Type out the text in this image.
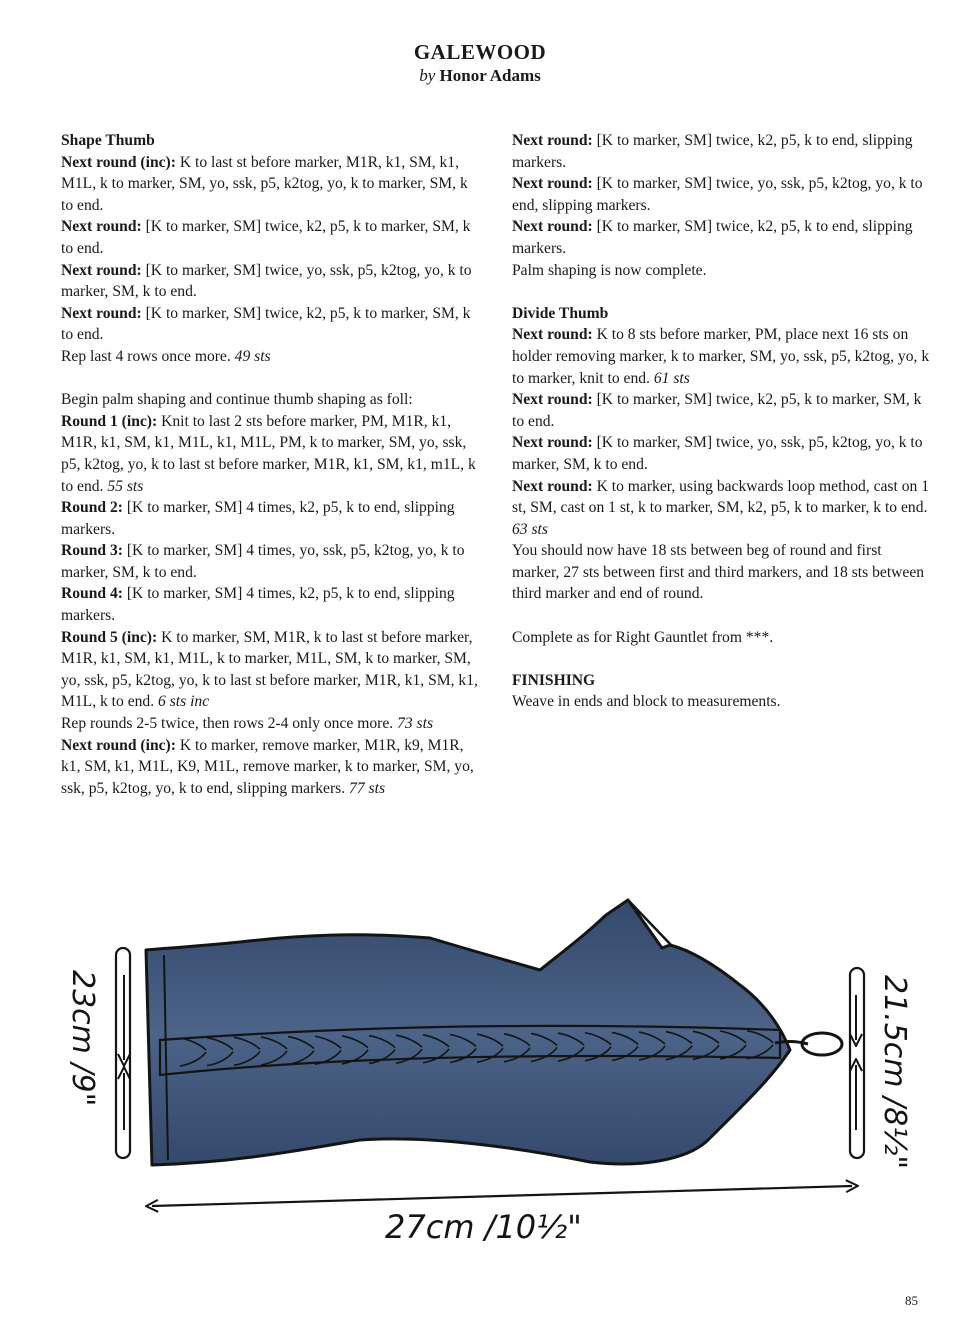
GALEWOOD
by Honor Adams
Shape Thumb
Next round (inc): K to last st before marker, M1R, k1, SM, k1, M1L, k to marker, SM, yo, ssk, p5, k2tog, yo, k to marker, SM, k to end.
Next round: [K to marker, SM] twice, k2, p5, k to marker, SM, k to end.
Next round: [K to marker, SM] twice, yo, ssk, p5, k2tog, yo, k to marker, SM, k to end.
Next round: [K to marker, SM] twice, k2, p5, k to marker, SM, k to end.
Rep last 4 rows once more. 49 sts
Begin palm shaping and continue thumb shaping as foll:
Round 1 (inc): Knit to last 2 sts before marker, PM, M1R, k1, M1R, k1, SM, k1, M1L, k1, M1L, PM, k to marker, SM, yo, ssk, p5, k2tog, yo, k to last st before marker, M1R, k1, SM, k1, m1L, k to end. 55 sts
Round 2: [K to marker, SM] 4 times, k2, p5, k to end, slipping markers.
Round 3: [K to marker, SM] 4 times, yo, ssk, p5, k2tog, yo, k to marker, SM, k to end.
Round 4: [K to marker, SM] 4 times, k2, p5, k to end, slipping markers.
Round 5 (inc): K to marker, SM, M1R, k to last st before marker, M1R, k1, SM, k1, M1L, k to marker, M1L, SM, k to marker, SM, yo, ssk, p5, k2tog, yo, k to last st before marker, M1R, k1, SM, k1, M1L, k to end. 6 sts inc
Rep rounds 2-5 twice, then rows 2-4 only once more. 73 sts
Next round (inc): K to marker, remove marker, M1R, k9, M1R, k1, SM, k1, M1L, K9, M1L, remove marker, k to marker, SM, yo, ssk, p5, k2tog, yo, k to end, slipping markers. 77 sts
Next round: [K to marker, SM] twice, k2, p5, k to end, slipping markers.
Next round: [K to marker, SM] twice, yo, ssk, p5, k2tog, yo, k to end, slipping markers.
Next round: [K to marker, SM] twice, k2, p5, k to end, slipping markers.
Palm shaping is now complete.
Divide Thumb
Next round: K to 8 sts before marker, PM, place next 16 sts on holder removing marker, k to marker, SM, yo, ssk, p5, k2tog, yo, k to marker, knit to end. 61 sts
Next round: [K to marker, SM] twice, k2, p5, k to marker, SM, k to end.
Next round: [K to marker, SM] twice, yo, ssk, p5, k2tog, yo, k to marker, SM, k to end.
Next round: K to marker, using backwards loop method, cast on 1 st, SM, cast on 1 st, k to marker, SM, k2, p5, k to marker, k to end. 63 sts
You should now have 18 sts between beg of round and first marker, 27 sts between first and third markers, and 18 sts between third marker and end of round.
Complete as for Right Gauntlet from ***.
FINISHING
Weave in ends and block to measurements.
23cm /9"	21.5cm /8½"
27cm /10½"
85
